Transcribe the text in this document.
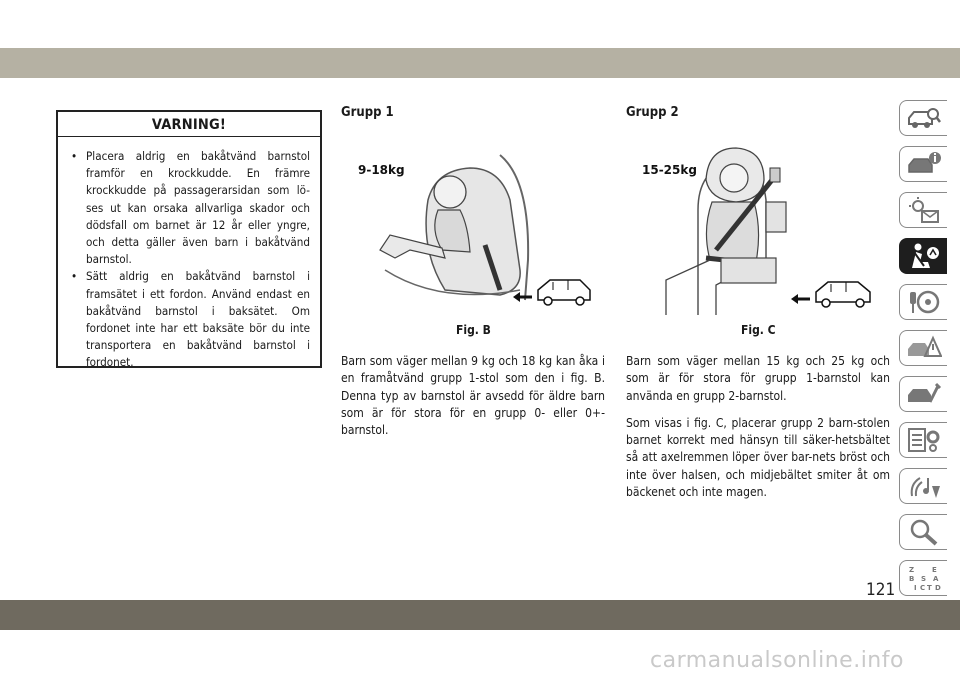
VARNING!
• Placera aldrig en bakåtvänd barnstol framför en krockkudde. En främre krockkudde på passagerarsidan som lö-ses ut kan orsaka allvarliga skador och dödsfall om barnet är 12 år eller yngre, och detta gäller även barn i bakåtvänd barnstol.
• Sätt aldrig en bakåtvänd barnstol i framsätet i ett fordon. Använd endast en bakåtvänd barnstol i baksätet. Om fordonet inte har ett baksäte bör du inte transportera en bakåtvänd barnstol i fordonet.
Grupp 1
9-18kg
Fig. B

Barn som väger mellan 9 kg och 18 kg kan åka i en framåtvänd grupp 1-stol som den i fig. B. Denna typ av barnstol är avsedd för äldre barn som är för stora för en grupp 0- eller 0+-barnstol.

Grupp 2
15-25kg
Fig. C

Barn som väger mellan 15 kg och 25 kg och som är för stora för grupp 1-barnstol kan använda en grupp 2-barnstol.

Som visas i fig. C, placerar grupp 2 barn-stolen barnet korrekt med hänsyn till säker-hetsbältet så att axelremmen löper över bar-nets bröst och inte över halsen, och midjebältet smiter åt om bäckenet och inte magen.

Z	E
B S A
D
I C T
121
carmanualsonline.info
